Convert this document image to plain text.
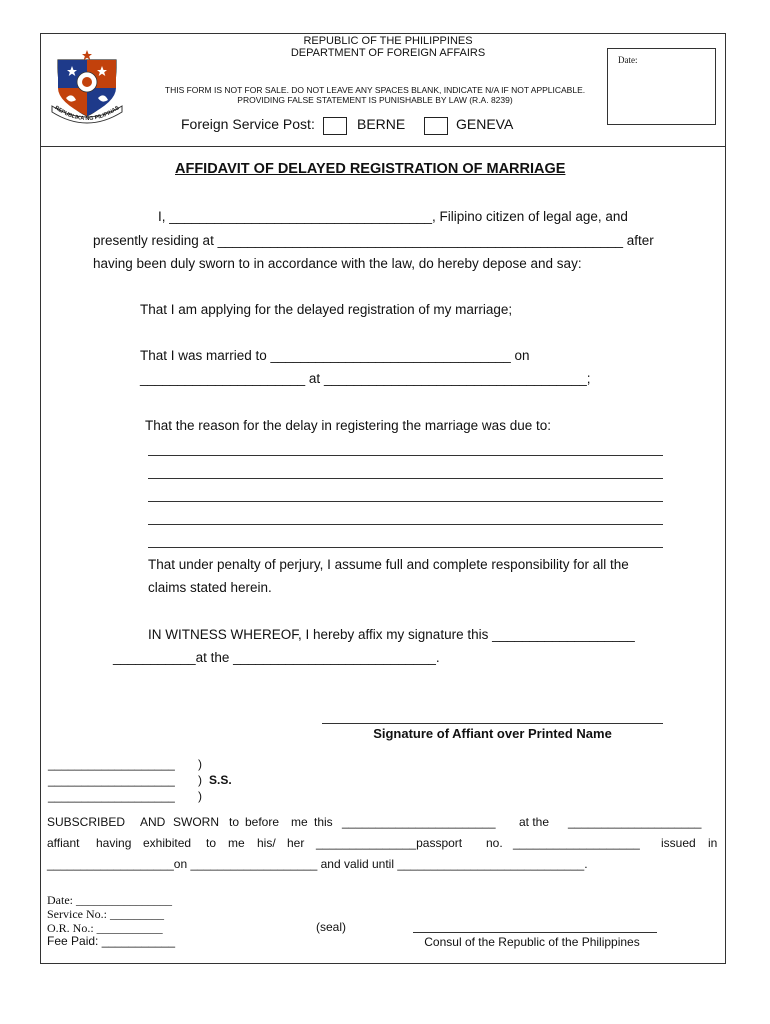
REPUBLIKA NG PILIPINAS
REPUBLIC OF THE PHILIPPINES
DEPARTMENT OF FOREIGN AFFAIRS
Date:
THIS FORM IS NOT FOR SALE. DO NOT LEAVE ANY SPACES BLANK, INDICATE N/A IF NOT APPLICABLE.
PROVIDING FALSE STATEMENT IS PUNISHABLE BY LAW (R.A. 8239)
Foreign Service Post:	BERNE	GENEVA
AFFIDAVIT OF DELAYED REGISTRATION OF MARRIAGE
I, ___________________________________, Filipino citizen of legal age, and
presently residing at ______________________________________________________ after
having been duly sworn to in accordance with the law, do hereby depose and say:
That I am applying for the delayed registration of my marriage;
That I was married to ________________________________ on
______________________ at ___________________________________;
That the reason for the delay in registering the marriage was due to:
That under penalty of perjury, I assume full and complete responsibility for all the
claims stated herein.
IN WITNESS WHEREOF, I hereby affix my signature this ___________________
___________at the ___________________________.
Signature of Affiant over Printed Name
___________________
___________________
___________________
)
)
)
S.S.
SUBSCRIBED AND SWORN to before me this _______________________ at the ____________________
affiant having exhibited to me his/ her _______________passport no. ___________________ issued in
___________________on ___________________ and valid until ____________________________.
Date: ________________
Service No.: _________
O.R. No.: ___________
Fee Paid: ___________
(seal)
Consul of the Republic of the Philippines
